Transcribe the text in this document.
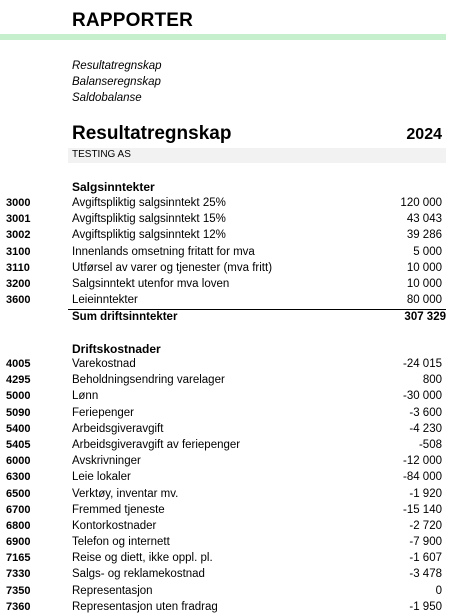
RAPPORTER
Resultatregnskap
Balanseregnskap
Saldobalanse
Resultatregnskap	2024
TESTING AS
Salgsinntekter
3000	Avgiftspliktig salgsinntekt 25%	120 000
3001	Avgiftspliktig salgsinntekt 15%	43 043
3002	Avgiftspliktig salgsinntekt 12%	39 286
3100	Innenlands omsetning fritatt for mva	5 000
3110	Utførsel av varer og tjenester (mva fritt)	10 000
3200	Salgsinntekt utenfor mva loven	10 000
3600	Leieinntekter	80 000
Sum driftsinntekter	307 329
Driftskostnader
4005	Varekostnad	-24 015
4295	Beholdningsendring varelager	800
5000	Lønn	-30 000
5090	Feriepenger	-3 600
5400	Arbeidsgiveravgift	-4 230
5405	Arbeidsgiveravgift av feriepenger	-508
6000	Avskrivninger	-12 000
6300	Leie lokaler	-84 000
6500	Verktøy, inventar mv.	-1 920
6700	Fremmed tjeneste	-15 140
6800	Kontorkostnader	-2 720
6900	Telefon og internett	-7 900
7165	Reise og diett, ikke oppl. pl.	-1 607
7330	Salgs- og reklamekostnad	-3 478
7350	Representasjon	0
7360	Representasjon uten fradrag	-1 950
